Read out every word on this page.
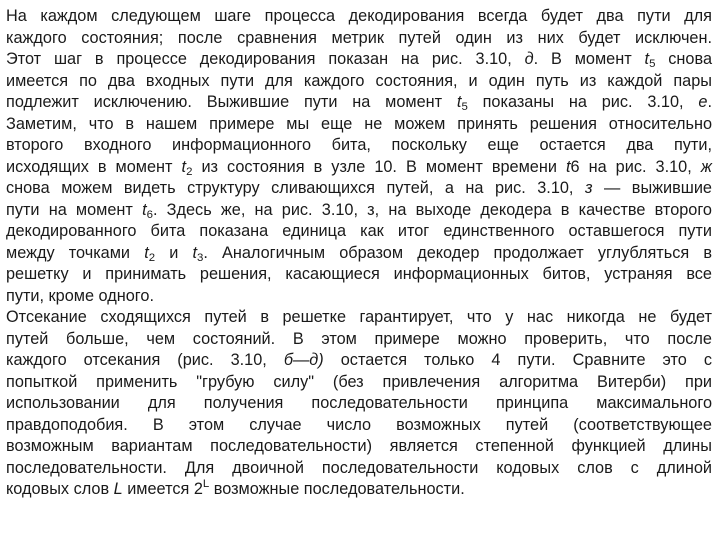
На каждом следующем шаге процесса декодирования всегда будет два пути для
каждого состояния; после сравнения метрик путей один из них будет исключен.
Этот шаг в процессе декодирования показан на рис. 3.10, д. В момент $t_5$ снова
имеется по два входных пути для каждого состояния, и один путь из каждой пары
подлежит исключению. Выжившие пути на момент $t_5$ показаны на рис. 3.10, е.
Заметим, что в нашем примере мы еще не можем принять решения относительно
второго входного информационного бита, поскольку еще остается два пути,
исходящих в момент $t_2$ из состояния в узле 10. В момент времени t6 на рис. 3.10, ж
снова можем видеть структуру сливающихся путей, а на рис. 3.10, з — выжившие
пути на момент $t_6$. Здесь же, на рис. 3.10, з, на выходе декодера в качестве второго
декодированного бита показана единица как итог единственного оставшегося пути
между точками $t_2$ и $t_3$. Аналогичным образом декодер продолжает углубляться в
решетку и принимать решения, касающиеся информационных битов, устраняя все
пути, кроме одного.
Отсекание сходящихся путей в решетке гарантирует, что у нас никогда не будет
путей больше, чем состояний. В этом примере можно проверить, что после
каждого отсекания (рис. 3.10, б—д) остается только 4 пути. Сравните это с
попыткой применить "грубую силу" (без привлечения алгоритма Витерби) при
использовании для получения последовательности принципа максимального
правдоподобия. В этом случае число возможных путей (соответствующее
возможным вариантам последовательности) является степенной функцией длины
последовательности. Для двоичной последовательности кодовых слов с длиной
кодовых слов L имеется $2^L$ возможные последовательности.
